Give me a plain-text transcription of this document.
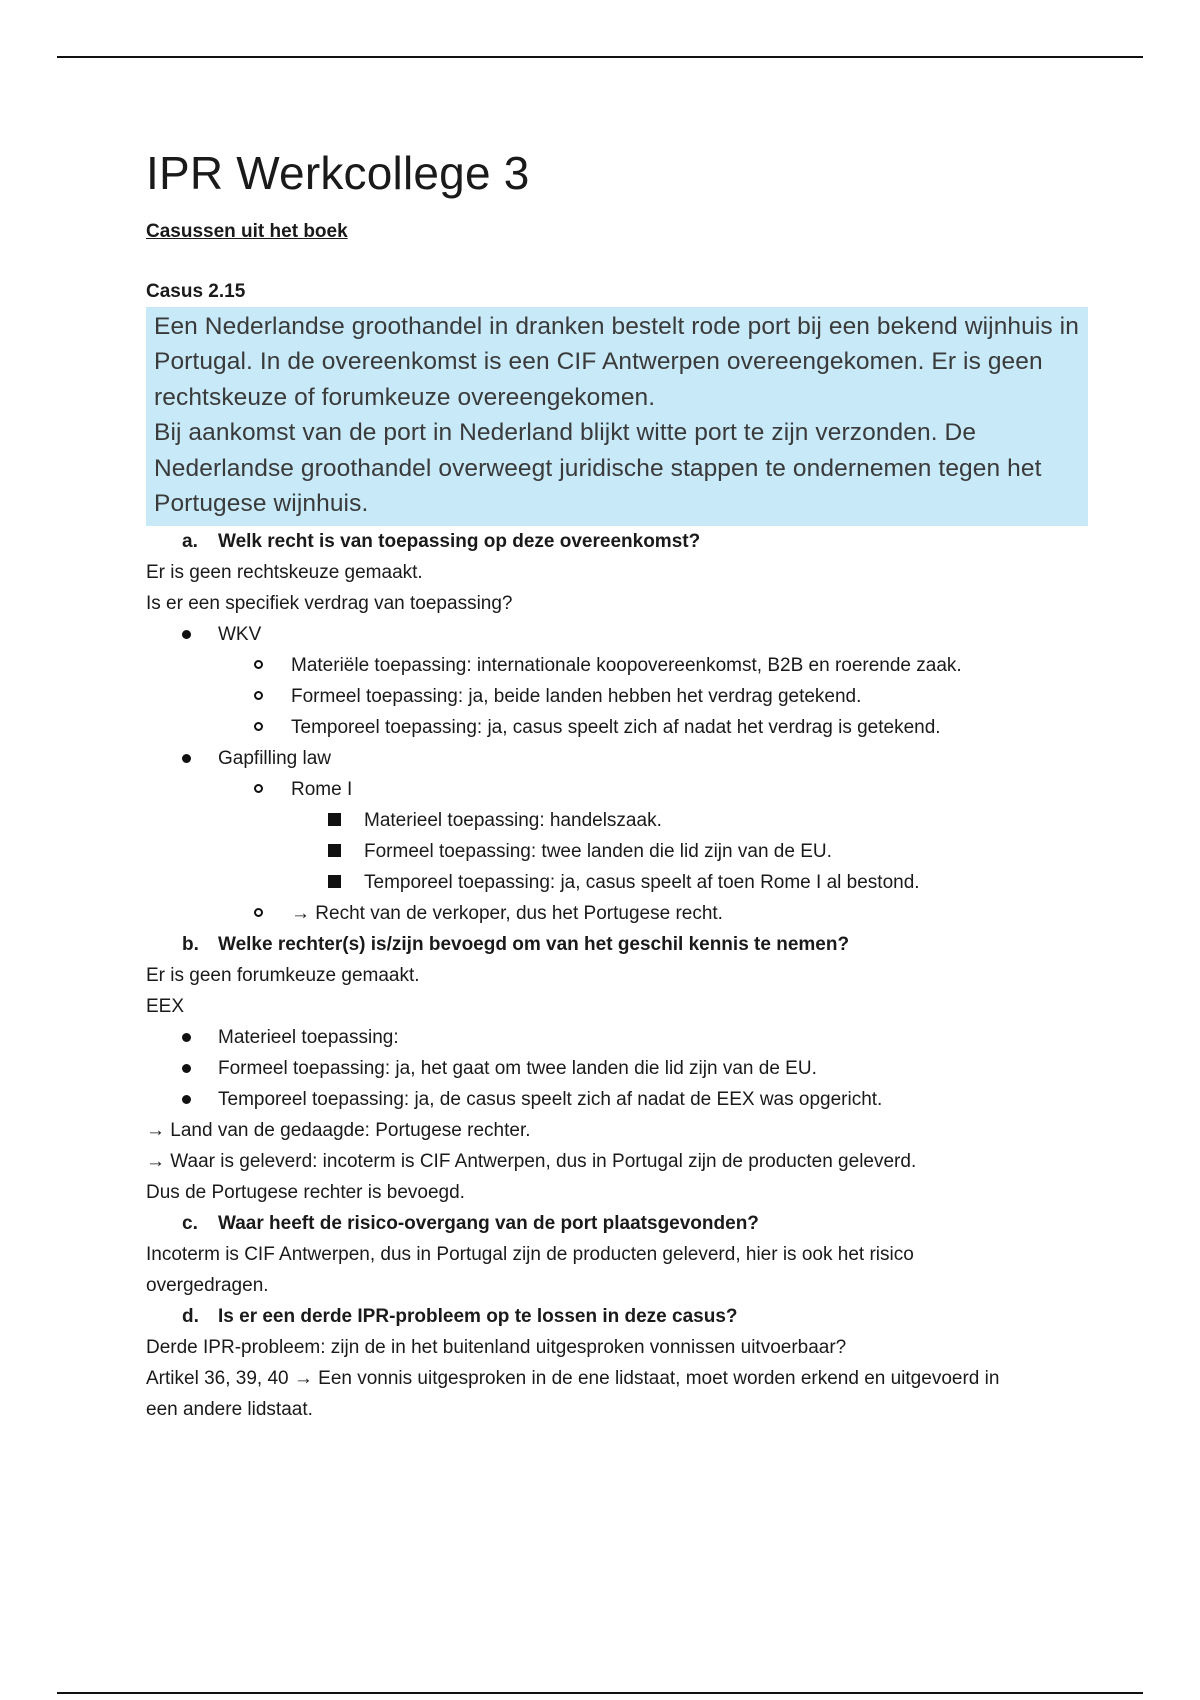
IPR Werkcollege 3
Casussen uit het boek
Casus 2.15

Een Nederlandse groothandel in dranken bestelt rode port bij een bekend wijnhuis in Portugal. In de overeenkomst is een CIF Antwerpen overeengekomen. Er is geen rechtskeuze of forumkeuze overeengekomen.

Bij aankomst van de port in Nederland blijkt witte port te zijn verzonden. De Nederlandse groothandel overweegt juridische stappen te ondernemen tegen het Portugese wijnhuis.

a. Welk recht is van toepassing op deze overeenkomst?

Er is geen rechtskeuze gemaakt.

Is er een specifiek verdrag van toepassing?

WKV
Materiële toepassing: internationale koopovereenkomst, B2B en roerende zaak.
Formeel toepassing: ja, beide landen hebben het verdrag getekend.
Temporeel toepassing: ja, casus speelt zich af nadat het verdrag is getekend.
Gapfilling law
Rome I
Materieel toepassing: handelszaak.
Formeel toepassing: twee landen die lid zijn van de EU.
Temporeel toepassing: ja, casus speelt af toen Rome I al bestond.
→ Recht van de verkoper, dus het Portugese recht.

b. Welke rechter(s) is/zijn bevoegd om van het geschil kennis te nemen?

Er is geen forumkeuze gemaakt.

EEX

Materieel toepassing:
Formeel toepassing: ja, het gaat om twee landen die lid zijn van de EU.
Temporeel toepassing: ja, de casus speelt zich af nadat de EEX was opgericht.

→ Land van de gedaagde: Portugese rechter.

→ Waar is geleverd: incoterm is CIF Antwerpen, dus in Portugal zijn de producten geleverd.

Dus de Portugese rechter is bevoegd.

c. Waar heeft de risico-overgang van de port plaatsgevonden?

Incoterm is CIF Antwerpen, dus in Portugal zijn de producten geleverd, hier is ook het risico

overgedragen.

d. Is er een derde IPR-probleem op te lossen in deze casus?

Derde IPR-probleem: zijn de in het buitenland uitgesproken vonnissen uitvoerbaar?

Artikel 36, 39, 40 → Een vonnis uitgesproken in de ene lidstaat, moet worden erkend en uitgevoerd in

een andere lidstaat.
